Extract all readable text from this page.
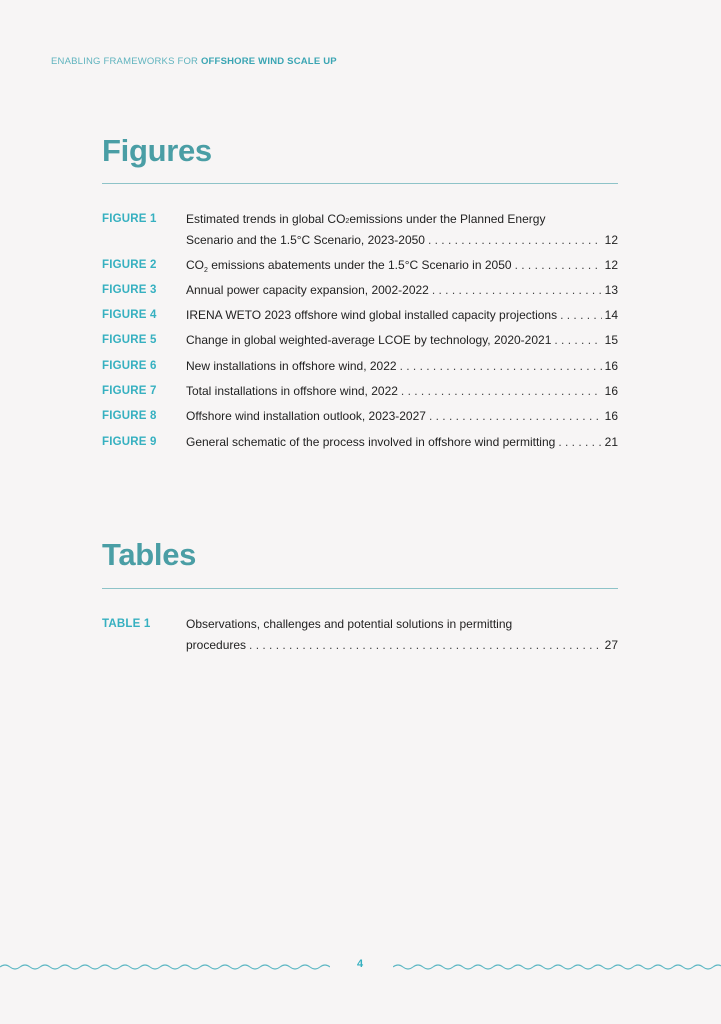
ENABLING FRAMEWORKS FOR OFFSHORE WIND SCALE UP
Figures
FIGURE 1 Estimated trends in global CO 2 emissions under the Planned Energy
Scenario and the 1.5°C Scenario, 2023-2050 . . .	12
FIGURE 2 $CO_2$ emissions abatements under the 1.5°C Scenario in 2050 . . .	12
FIGURE 3 Annual power capacity expansion, 2002-2022 . . .	13
FIGURE 4 IRENA WETO 2023 offshore wind global installed capacity projections . . .	14
FIGURE 5 Change in global weighted-average LCOE by technology, 2020-2021 . . .	15
FIGURE 6 New installations in offshore wind, 2022 . . .	16
FIGURE 7 Total installations in offshore wind, 2022 . . .	16
FIGURE 8 Offshore wind installation outlook, 2023-2027 . . .	16
FIGURE 9 General schematic of the process involved in offshore wind permitting . . .	21
Tables
TABLE 1	Observations, challenges and potential solutions in permitting
procedures . . .	27
4
